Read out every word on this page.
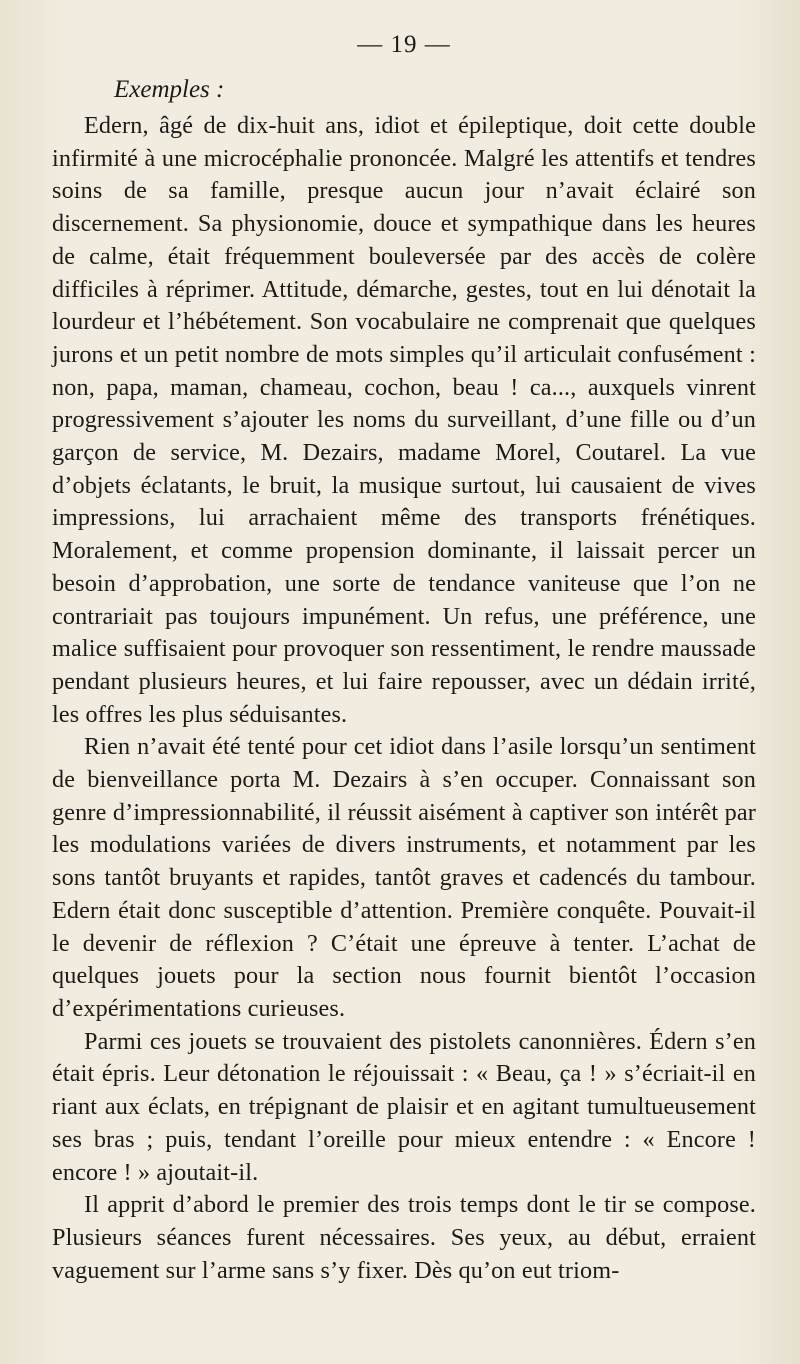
— 19 —
Exemples :

Edern, âgé de dix-huit ans, idiot et épileptique, doit cette double infirmité à une microcéphalie prononcée. Malgré les attentifs et tendres soins de sa famille, presque aucun jour n’avait éclairé son discernement. Sa physionomie, douce et sympathique dans les heures de calme, était fréquemment bouleversée par des accès de colère difficiles à réprimer. Attitude, démarche, gestes, tout en lui dénotait la lourdeur et l’hébétement. Son vocabulaire ne comprenait que quelques jurons et un petit nombre de mots simples qu’il articulait confusément : non, papa, maman, chameau, cochon, beau ! ca..., auxquels vinrent progressivement s’ajouter les noms du surveillant, d’une fille ou d’un garçon de service, M. Dezairs, madame Morel, Coutarel. La vue d’objets éclatants, le bruit, la musique surtout, lui causaient de vives impressions, lui arrachaient même des transports frénétiques. Moralement, et comme propension dominante, il laissait percer un besoin d’approbation, une sorte de tendance vaniteuse que l’on ne contrariait pas toujours impunément. Un refus, une préférence, une malice suffisaient pour provoquer son ressentiment, le rendre maussade pendant plusieurs heures, et lui faire repousser, avec un dédain irrité, les offres les plus séduisantes.

Rien n’avait été tenté pour cet idiot dans l’asile lorsqu’un sentiment de bienveillance porta M. Dezairs à s’en occuper. Connaissant son genre d’impressionnabilité, il réussit aisément à captiver son intérêt par les modulations variées de divers instruments, et notamment par les sons tantôt bruyants et rapides, tantôt graves et cadencés du tambour. Edern était donc susceptible d’attention. Première conquête. Pouvait-il le devenir de réflexion ? C’était une épreuve à tenter. L’achat de quelques jouets pour la section nous fournit bientôt l’occasion d’expérimentations curieuses.

Parmi ces jouets se trouvaient des pistolets canonnières. Édern s’en était épris. Leur détonation le réjouissait : « Beau, ça ! » s’écriait-il en riant aux éclats, en trépignant de plaisir et en agitant tumultueusement ses bras ; puis, tendant l’oreille pour mieux entendre : « Encore ! encore ! » ajoutait-il.

Il apprit d’abord le premier des trois temps dont le tir se compose. Plusieurs séances furent nécessaires. Ses yeux, au début, erraient vaguement sur l’arme sans s’y fixer. Dès qu’on eut triom-
